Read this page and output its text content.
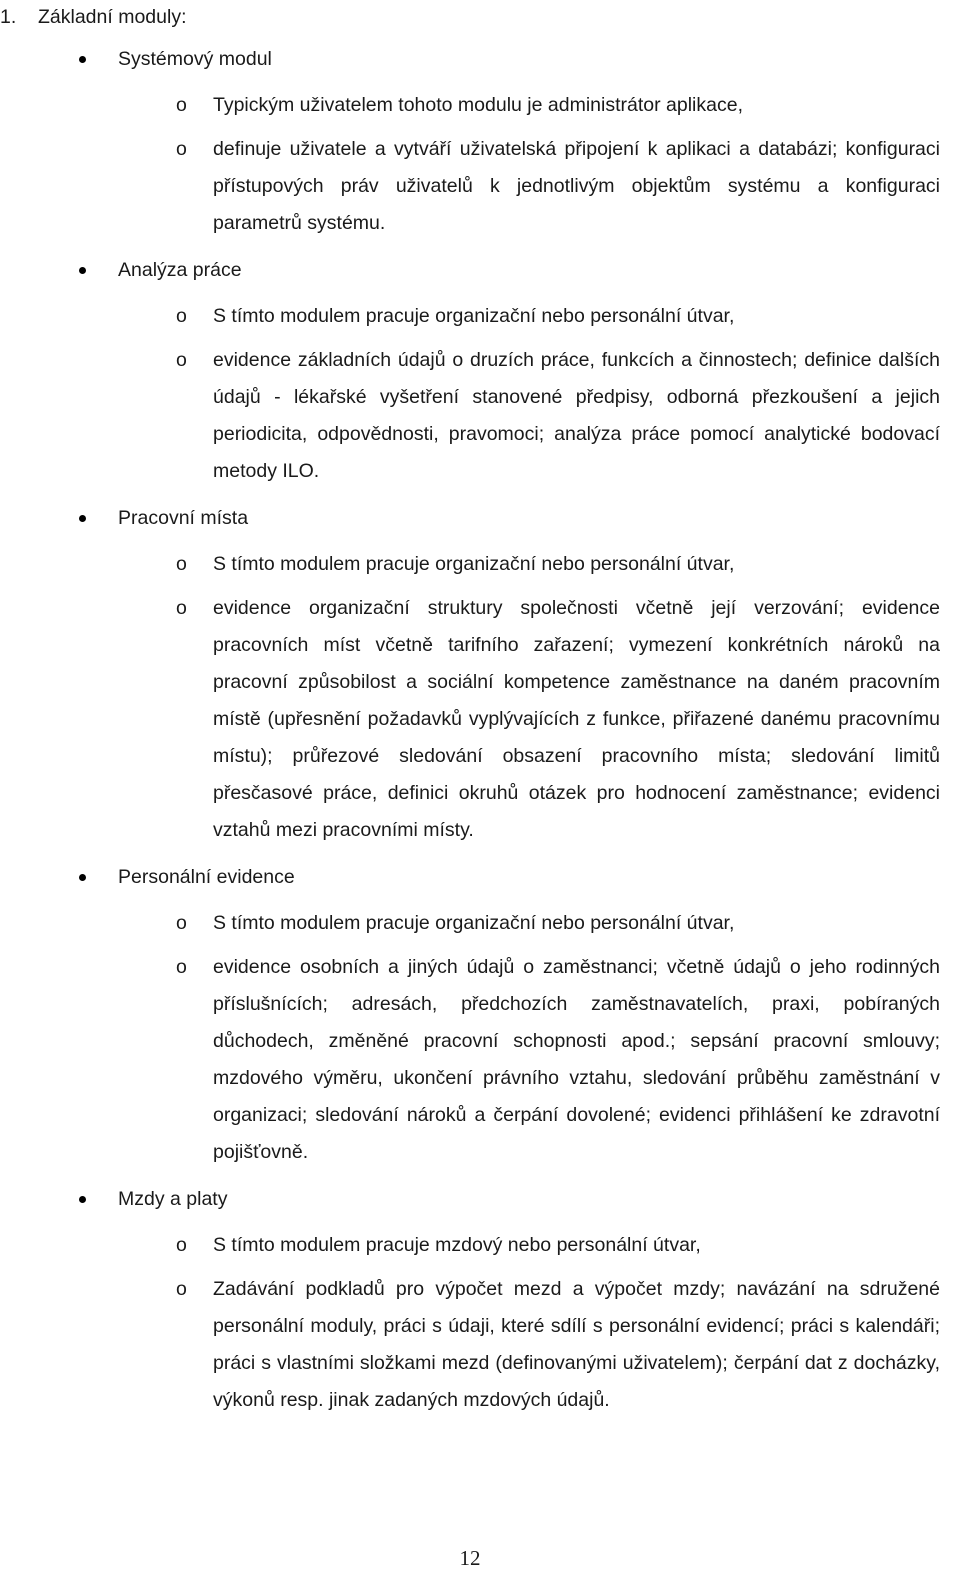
1. Základní moduly:
Systémový modul
o Typickým uživatelem tohoto modulu je administrátor aplikace,
o definuje uživatele a vytváří uživatelská připojení k aplikaci a databázi; konfiguraci přístupových práv uživatelů k jednotlivým objektům systému a konfiguraci parametrů systému.
Analýza práce
o S tímto modulem pracuje organizační nebo personální útvar,
o evidence základních údajů o druzích práce, funkcích a činnostech; definice dalších údajů - lékařské vyšetření stanovené předpisy, odborná přezkoušení a jejich periodicita, odpovědnosti, pravomoci; analýza práce pomocí analytické bodovací metody ILO.
Pracovní místa
o S tímto modulem pracuje organizační nebo personální útvar,
o evidence organizační struktury společnosti včetně její verzování; evidence pracovních míst včetně tarifního zařazení; vymezení konkrétních nároků na pracovní způsobilost a sociální kompetence zaměstnance na daném pracovním místě (upřesnění požadavků vyplývajících z funkce, přiřazené danému pracovnímu místu); průřezové sledování obsazení pracovního místa; sledování limitů přesčasové práce, definici okruhů otázek pro hodnocení zaměstnance; evidenci vztahů mezi pracovními místy.
Personální evidence
o S tímto modulem pracuje organizační nebo personální útvar,
o evidence osobních a jiných údajů o zaměstnanci; včetně údajů o jeho rodinných příslušnících; adresách, předchozích zaměstnavatelích, praxi, pobíraných důchodech, změněné pracovní schopnosti apod.; sepsání pracovní smlouvy; mzdového výměru, ukončení právního vztahu, sledování průběhu zaměstnání v organizaci; sledování nároků a čerpání dovolené; evidenci přihlášení ke zdravotní pojišťovně.
Mzdy a platy
o S tímto modulem pracuje mzdový nebo personální útvar,
o Zadávání podkladů pro výpočet mezd a výpočet mzdy; navázání na sdružené personální moduly, práci s údaji, které sdílí s personální evidencí; práci s kalendáři; práci s vlastními složkami mezd (definovanými uživatelem); čerpání dat z docházky, výkonů resp. jinak zadaných mzdových údajů.
12
